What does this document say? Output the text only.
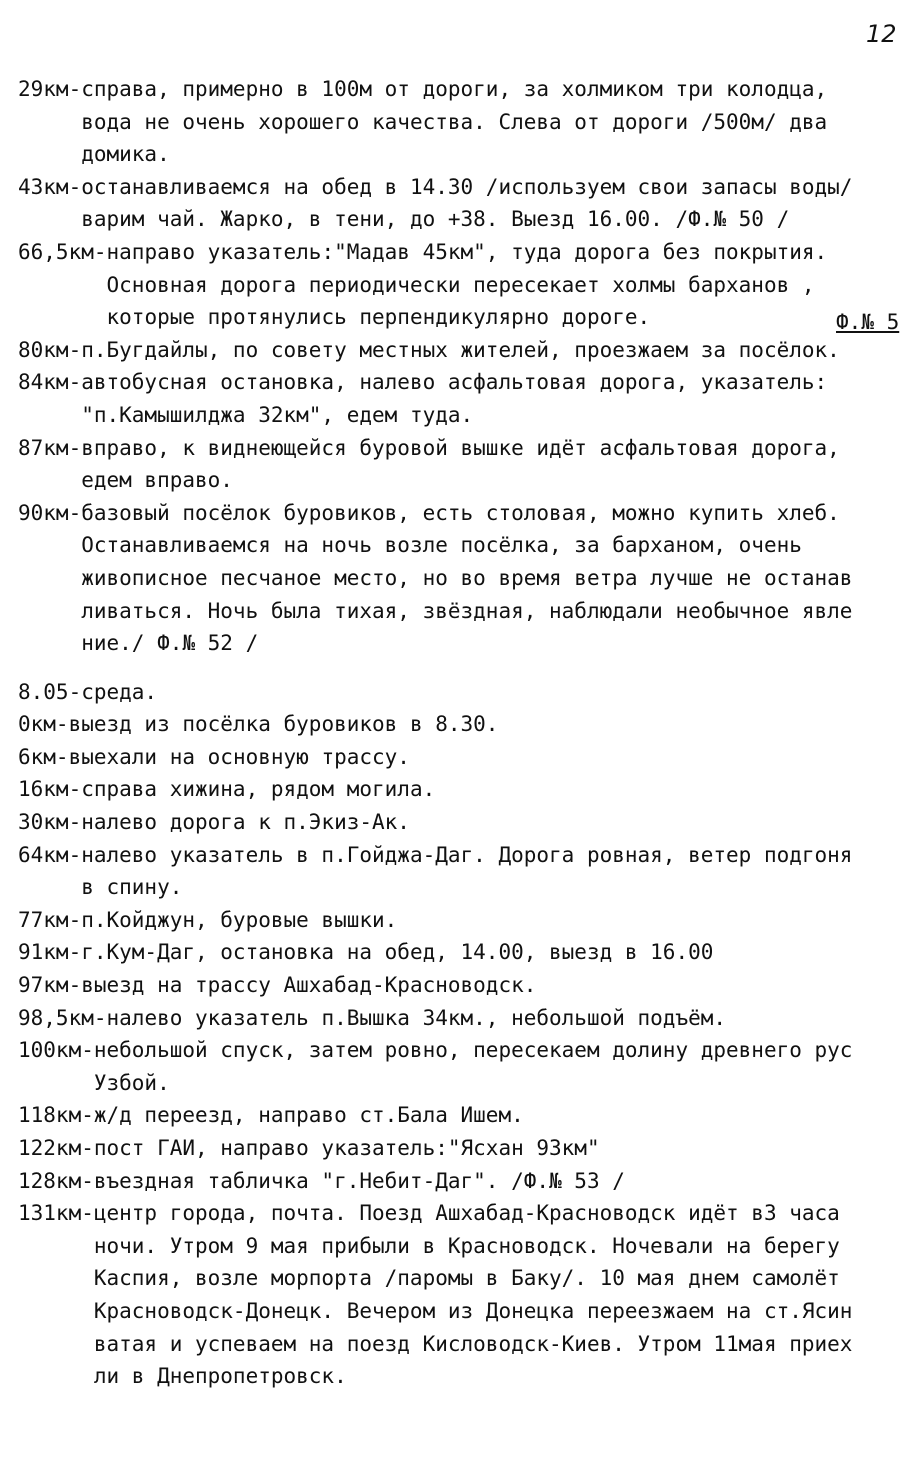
12
Ф.№ 5
29км- справа, примерно в 100м от дороги, за холмиком три колодца,
вода не очень хорошего качества. Слева от дороги /500м/ два
домика.
43км- останавливаемся на обед в 14.30 /используем свои запасы воды/
варим чай. Жарко, в тени, до +38. Выезд 16.00. /Ф.№ 50 /
66,5км- направо указатель:"Мадав 45км", туда дорога без покрытия.
Основная дорога периодически пересекает холмы барханов ,
которые протянулись перпендикулярно дороге.
80км- п.Бугдайлы, по совету местных жителей, проезжаем за посёлок.
84км- автобусная остановка, налево асфальтовая дорога, указатель:
"п.Камышилджа 32км", едем туда.
87км- вправо, к виднеющейся буровой вышке идёт асфальтовая дорога,
едем вправо.
90км- базовый посёлок буровиков, есть столовая, можно купить хлеб.
Останавливаемся на ночь возле посёлка, за барханом, очень
живописное песчаное место, но во время ветра лучше не останав
ливаться. Ночь была тихая, звёздная, наблюдали необычное явле
ние./ Ф.№ 52 /
8.05-среда.
0км- выезд из посёлка буровиков в 8.30.
6км- выехали на основную трассу.
16км- справа хижина, рядом могила.
30км- налево дорога к п.Экиз-Ак.
64км- налево указатель в п.Гойджа-Даг. Дорога ровная, ветер подгоня
в спину.
77км- п.Койджун, буровые вышки.
91км- г.Кум-Даг, остановка на обед, 14.00, выезд в 16.00
97км- выезд на трассу Ашхабад-Красноводск.
98,5км- налево указатель п.Вышка 34км., небольшой подъём.
100км- небольшой спуск, затем ровно, пересекаем долину древнего рус
Узбой.
118км- ж/д переезд, направо ст.Бала Ишем.
122км- пост ГАИ, направо указатель:"Ясхан 93км"
128км- въездная табличка "г.Небит-Даг". /Ф.№ 53 /
131км- центр города, почта. Поезд Ашхабад-Красноводск идёт в3 часа
ночи. Утром 9 мая прибыли в Красноводск. Ночевали на берегу
Каспия, возле морпорта /паромы в Баку/. 10 мая днем самолёт
Красноводск-Донецк. Вечером из Донецка переезжаем на ст.Ясин
ватая и успеваем на поезд Кисловодск-Киев. Утром 11мая приех
ли в Днепропетровск.
